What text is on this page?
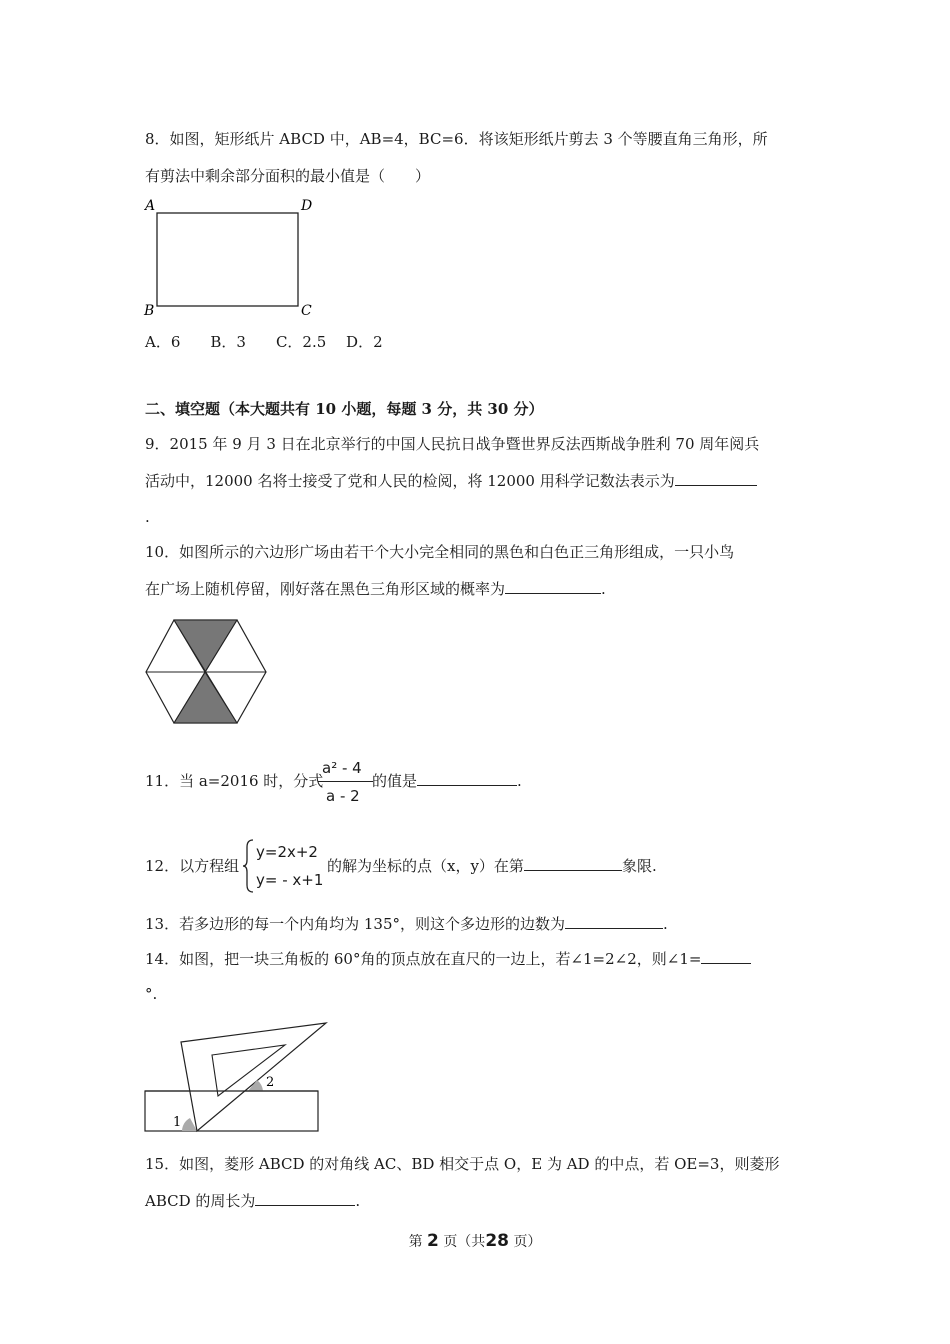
8．如图，矩形纸片 ABCD 中，AB=4，BC=6．将该矩形纸片剪去 3 个等腰直角三角形，所
有剪法中剩余部分面积的最小值是（　　）
A	D
B	C
A．6　　B．3　　C．2.5　 D．2
二、填空题（本大题共有 10 小题，每题 3 分，共 30 分）
9．2015 年 9 月 3 日在北京举行的中国人民抗日战争暨世界反法西斯战争胜利 70 周年阅兵
活动中，12000 名将士接受了党和人民的检阅，将 12000 用科学记数法表示为
.
10．如图所示的六边形广场由若干个大小完全相同的黑色和白色正三角形组成，一只小鸟
在广场上随机停留，刚好落在黑色三角形区域的概率为	.
11．当 a=2016 时，分式
a² - 4
a - 2
的值是	.
12．以方程组
y=2x+2
y= - x+1
的解为坐标的点（x，y）在第	象限.
13．若多边形的每一个内角均为 135°，则这个多边形的边数为	.
14．如图，把一块三角板的 60°角的顶点放在直尺的一边上，若∠1=2∠2，则∠1=
°.
1
2
15．如图，菱形 ABCD 的对角线 AC、BD 相交于点 O，E 为 AD 的中点，若 OE=3，则菱形
ABCD 的周长为	.
第 2 页（共28 页）
